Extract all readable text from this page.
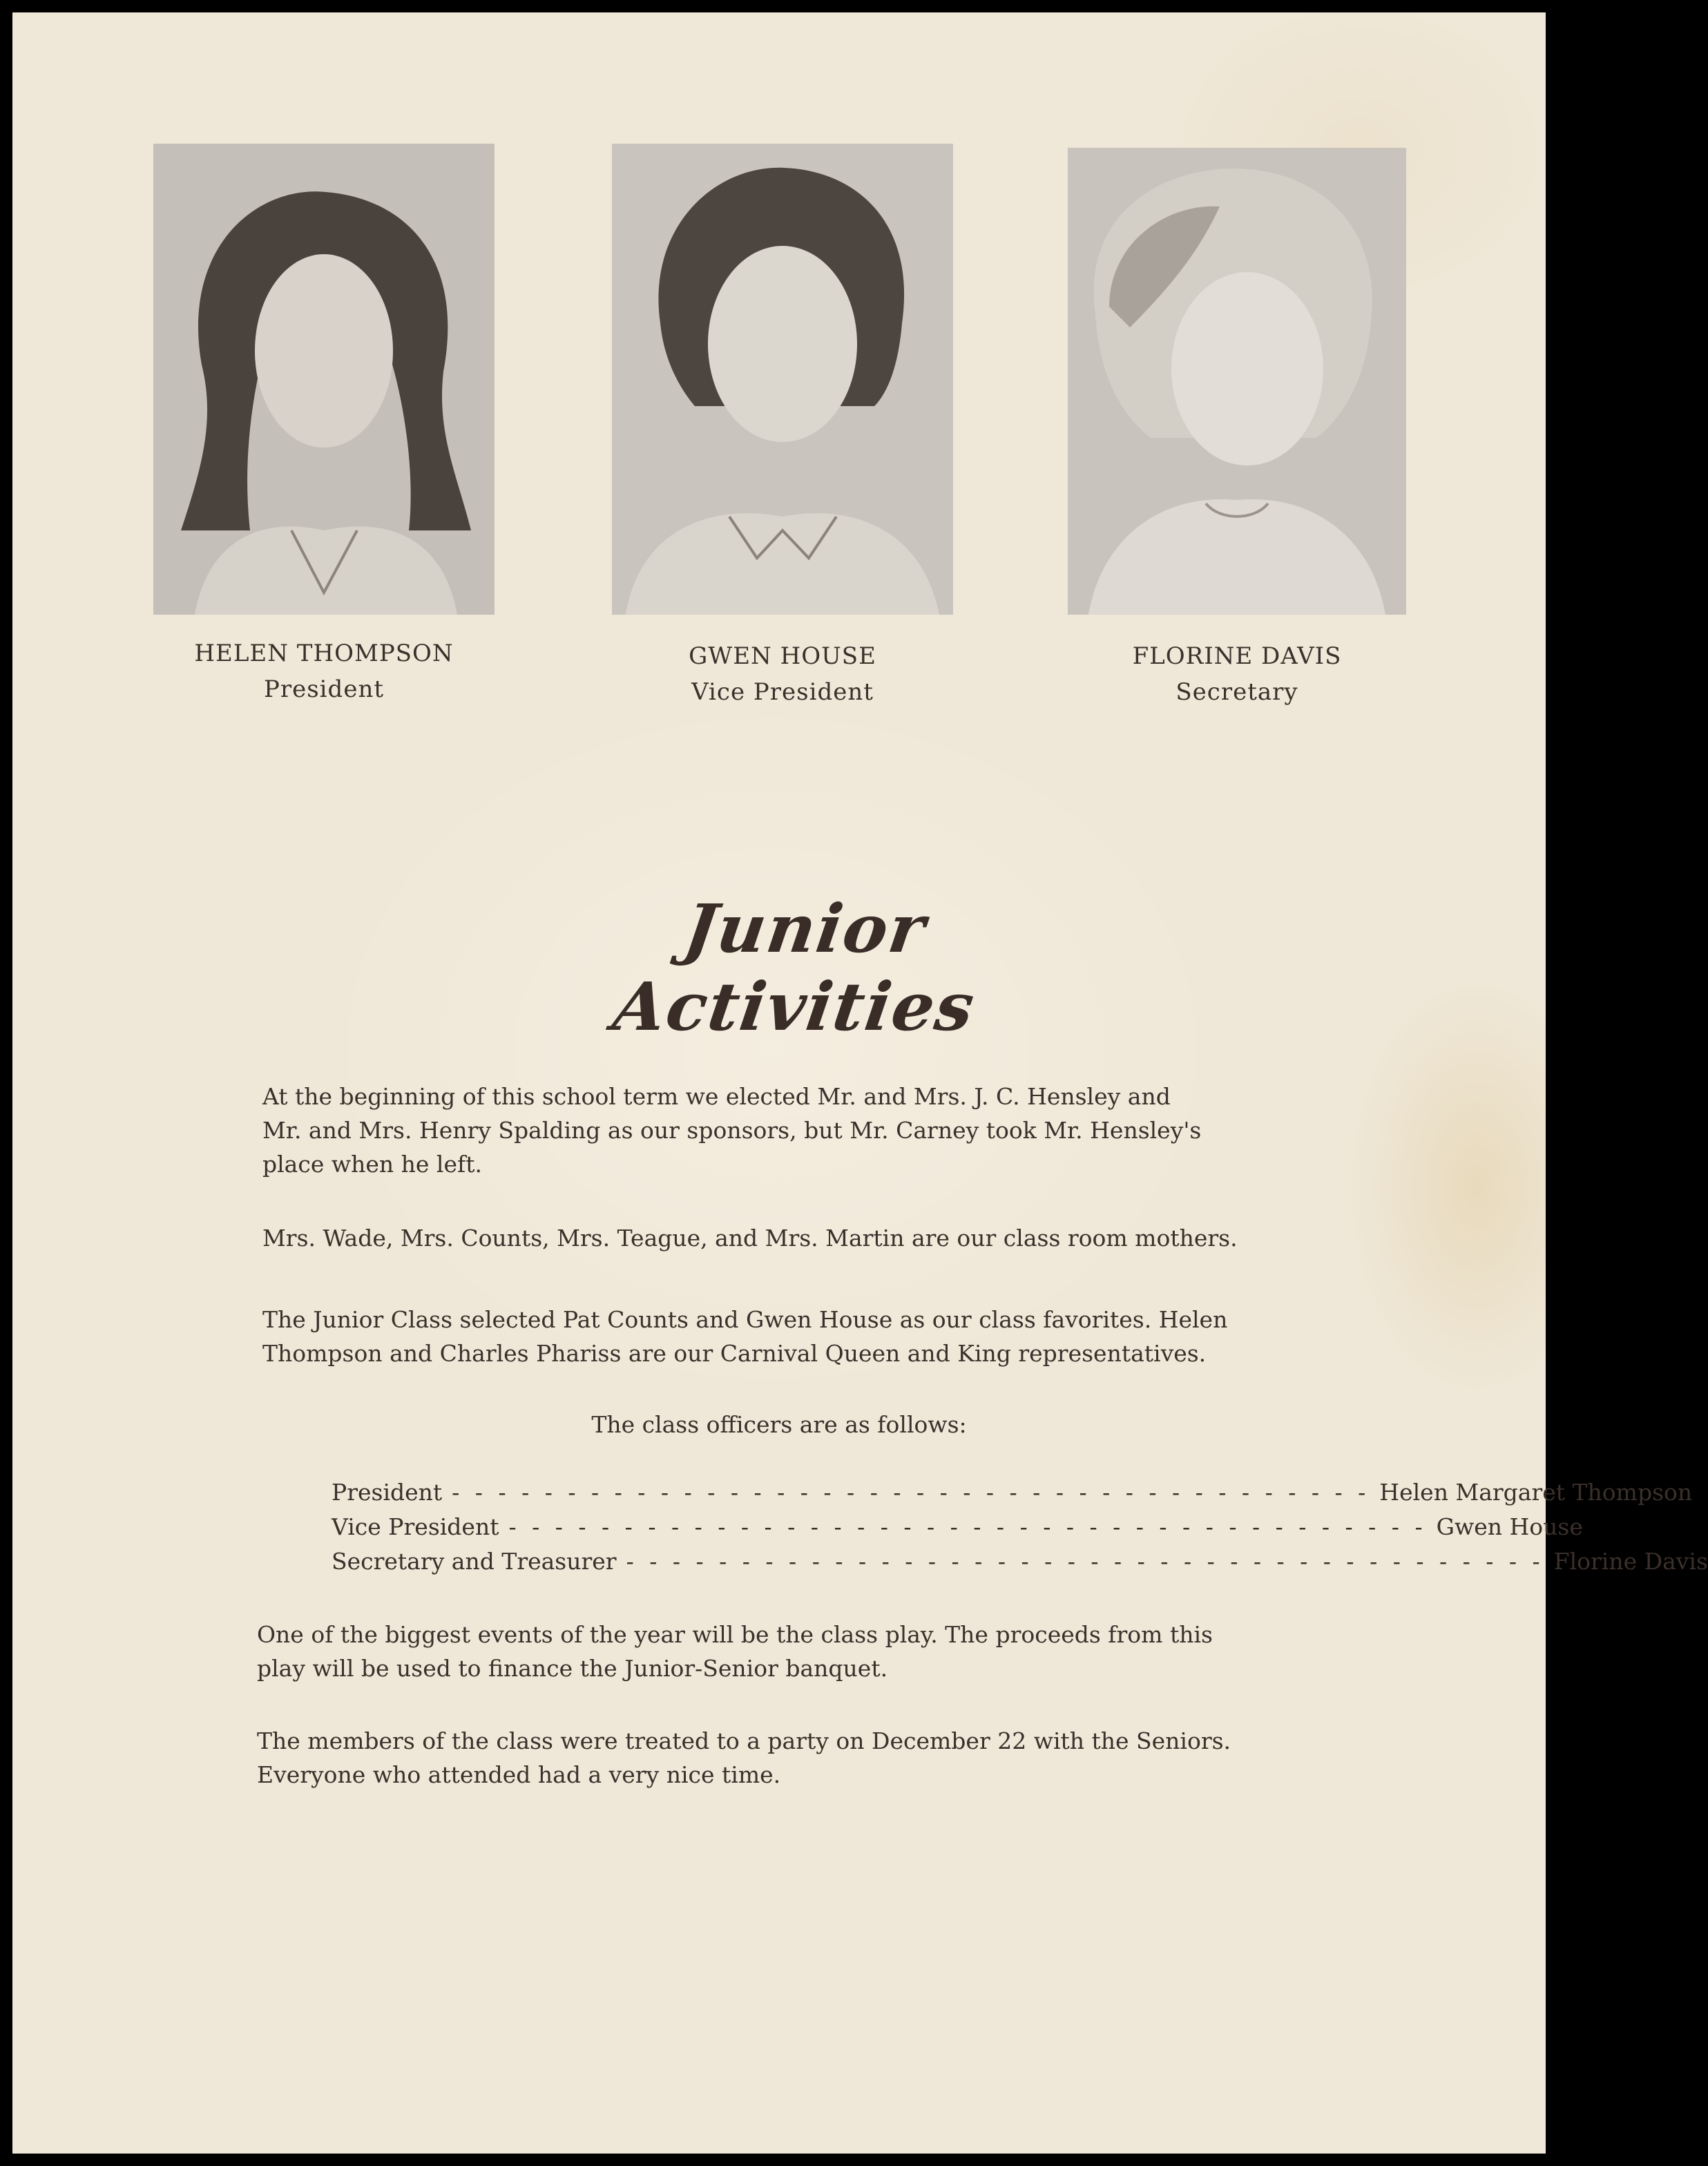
HELEN THOMPSON
President
GWEN HOUSE
Vice President
FLORINE DAVIS
Secretary
Junior Activities

At the beginning of this school term we elected Mr. and Mrs. J. C. Hensley and
Mr. and Mrs. Henry Spalding as our sponsors, but Mr. Carney took Mr. Hensley's
place when he left.

Mrs. Wade, Mrs. Counts, Mrs. Teague, and Mrs. Martin are our class room mothers.

The Junior Class selected Pat Counts and Gwen House as our class favorites. Helen
Thompson and Charles Phariss are our Carnival Queen and King representatives.

The class officers are as follows:
President - - - - - - - - - - - - - - - - - - - - - - - - - - - - - - - - - - - - - - - - Helen Margaret Thompson
Vice President - - - - - - - - - - - - - - - - - - - - - - - - - - - - - - - - - - - - - - - - Gwen House
Secretary and Treasurer - - - - - - - - - - - - - - - - - - - - - - - - - - - - - - - - - - - - - - - - Florine Davis

One of the biggest events of the year will be the class play. The proceeds from this
play will be used to finance the Junior-Senior banquet.

The members of the class were treated to a party on December 22 with the Seniors.
Everyone who attended had a very nice time.
